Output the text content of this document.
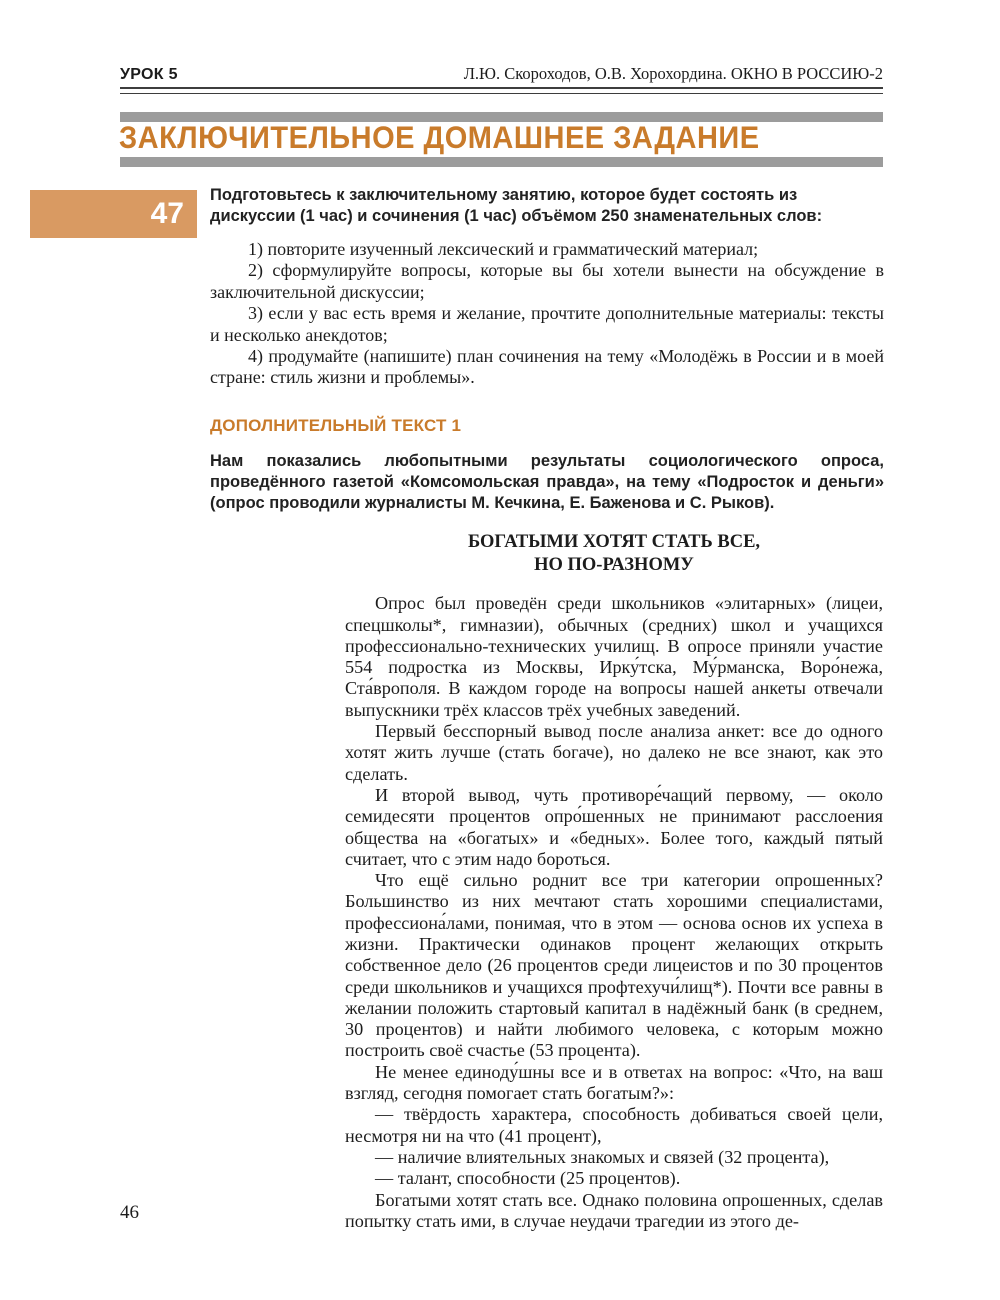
УРОК 5	Л.Ю. Скороходов, О.В. Хорохордина. ОКНО В РОССИЮ-2
ЗАКЛЮЧИТЕЛЬНОЕ ДОМАШНЕЕ ЗАДАНИЕ
47

Подготовьтесь к заключительному занятию, которое будет состоять из дискуссии (1 час) и сочинения (1 час) объёмом 250 знаменательных слов:

1) повторите изученный лексический и грамматический материал;

2) сформулируйте вопросы, которые вы бы хотели вынести на обсуждение в заключительной дискуссии;

3) если у вас есть время и желание, прочтите дополнительные материалы: тексты и несколько анекдотов;

4) продумайте (напишите) план сочинения на тему «Молодёжь в России и в моей стране: стиль жизни и проблемы».

ДОПОЛНИТЕЛЬНЫЙ ТЕКСТ 1

Нам показались любопытными результаты социологического опроса, проведённого газетой «Комсомольская правда», на тему «Подросток и деньги» (опрос проводили журналисты М. Кечкина, Е. Баженова и С. Рыков).

БОГАТЫМИ ХОТЯТ СТАТЬ ВСЕ,
НО ПО-РАЗНОМУ

Опрос был проведён среди школьников «элитарных» (лицеи, спецшколы*, гимназии), обычных (средних) школ и учащихся профессионально-технических училищ. В опросе приняли участие 554 подростка из Москвы, Ирку́тска, Му́рманска, Воро́нежа, Ста́врополя. В каждом городе на вопросы нашей анкеты отвечали выпускники трёх классов трёх учебных заведений.

Первый бесспорный вывод после анализа анкет: все до одного хотят жить лучше (стать богаче), но далеко не все знают, как это сделать.

И второй вывод, чуть противоре́чащий первому, — около семидесяти процентов опро́шенных не принимают расслоения общества на «богатых» и «бедных». Более того, каждый пятый считает, что с этим надо бороться.

Что ещё сильно роднит все три категории опрошенных? Большинство из них мечтают стать хорошими специалистами, профессиона́лами, понимая, что в этом — основа основ их успеха в жизни. Практически одинаков процент желающих открыть собственное дело (26 процентов среди лицеистов и по 30 процентов среди школьников и учащихся профтехучи́лищ*). Почти все равны в желании положить стартовый капитал в надёжный банк (в среднем, 30 процентов) и найти любимого человека, с которым можно построить своё счастье (53 процента).

Не менее единоду́шны все и в ответах на вопрос: «Что, на ваш взгляд, сегодня помогает стать богатым?»:

— твёрдость характера, способность добиваться своей цели, несмотря ни на что (41 процент),

— наличие влиятельных знакомых и связей (32 процента),

— талант, способности (25 процентов).

Богатыми хотят стать все. Однако половина опрошенных, сделав попытку стать ими, в случае неудачи трагедии из этого де-

46
